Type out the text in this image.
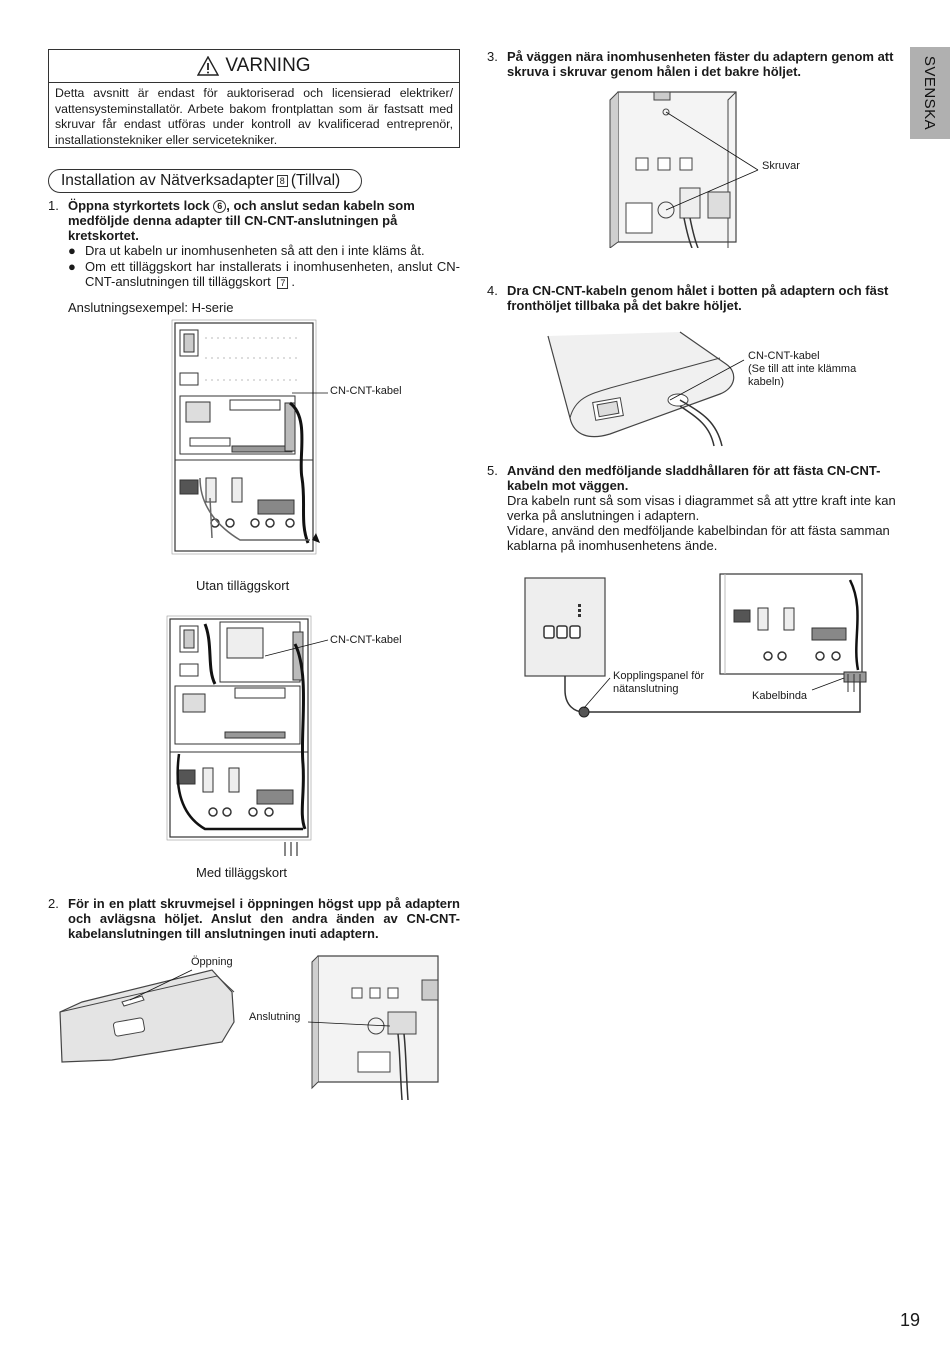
SVENSKA
19
VARNING
Detta avsnitt är endast för auktoriserad och licensierad elektriker/ vattensysteminstallatör. Arbete bakom frontplattan som är fastsatt med skruvar får endast utföras under kontroll av kvalificerad entreprenör, installationstekniker eller servicetekniker.
Installation av Nätverksadapter 8 (Tillval)
1. Öppna styrkortets lock 6 , och anslut sedan kabeln som medföljde denna adapter till CN-CNT-anslutningen på kretskortet.
● Dra ut kabeln ur inomhusenheten så att den i inte kläms åt.
● Om ett tilläggskort har installerats i inomhusenheten, anslut CN-CNT-anslutningen till tilläggskort 7 .
Anslutningsexempel: H-serie
CN-CNT-kabel
Utan tilläggskort
CN-CNT-kabel
Med tilläggskort
2. För in en platt skruvmejsel i öppningen högst upp på adaptern och avlägsna höljet. Anslut den andra änden av CN-CNT-kabelanslutningen till anslutningen inuti adaptern.
Öppning
Anslutning
3. På väggen nära inomhusenheten fäster du adaptern genom att skruva i skruvar genom hålen i det bakre höljet.
Skruvar
4. Dra CN-CNT-kabeln genom hålet i botten på adaptern och fäst fronthöljet tillbaka på det bakre höljet.
CN-CNT-kabel
(Se till att inte klämma
kabeln)
5. Använd den medföljande sladdhållaren för att fästa CN-CNT-kabeln mot väggen.
Dra kabeln runt så som visas i diagrammet så att yttre kraft inte kan verka på anslutningen i adaptern.
Vidare, använd den medföljande kabelbindan för att fästa samman kablarna på inomhusenhetens ände.
Kopplingspanel för
nätanslutning
Kabelbinda
